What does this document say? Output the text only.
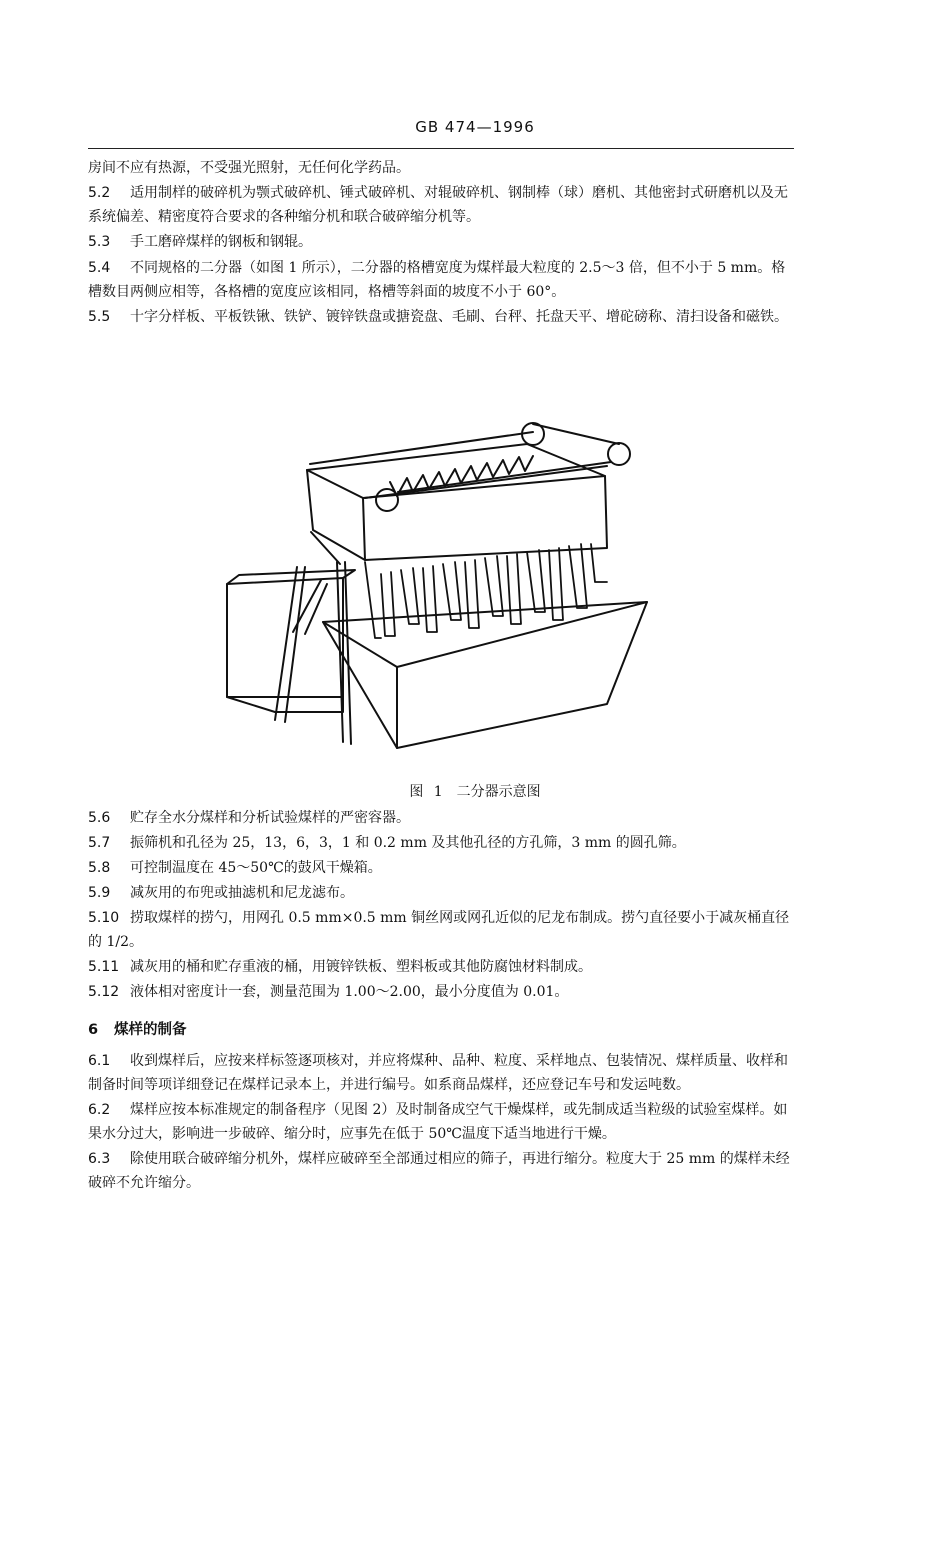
GB 474—1996

房间不应有热源，不受强光照射，无任何化学药品。

5.2 适用制样的破碎机为颚式破碎机、锤式破碎机、对辊破碎机、钢制棒（球）磨机、其他密封式研磨机以及无系统偏差、精密度符合要求的各种缩分机和联合破碎缩分机等。

5.3 手工磨碎煤样的钢板和钢辊。

5.4 不同规格的二分器（如图 1 所示），二分器的格槽宽度为煤样最大粒度的 2.5～3 倍，但不小于 5 mm。格槽数目两侧应相等，各格槽的宽度应该相同，格槽等斜面的坡度不小于 60°。

5.5 十字分样板、平板铁锹、铁铲、镀锌铁盘或搪瓷盘、毛刷、台秤、托盘天平、增砣磅称、清扫设备和磁铁。

图 1　二分器示意图

5.6 贮存全水分煤样和分析试验煤样的严密容器。

5.7 振筛机和孔径为 25，13，6，3，1 和 0.2 mm 及其他孔径的方孔筛，3 mm 的圆孔筛。

5.8 可控制温度在 45～50℃的鼓风干燥箱。

5.9 减灰用的布兜或抽滤机和尼龙滤布。

5.10 捞取煤样的捞勺，用网孔 0.5 mm×0.5 mm 铜丝网或网孔近似的尼龙布制成。捞勺直径要小于减灰桶直径的 1/2。

5.11 减灰用的桶和贮存重液的桶，用镀锌铁板、塑料板或其他防腐蚀材料制成。

5.12 液体相对密度计一套，测量范围为 1.00～2.00，最小分度值为 0.01。

6 煤样的制备

6.1 收到煤样后，应按来样标签逐项核对，并应将煤种、品种、粒度、采样地点、包装情况、煤样质量、收样和制备时间等项详细登记在煤样记录本上，并进行编号。如系商品煤样，还应登记车号和发运吨数。

6.2 煤样应按本标准规定的制备程序（见图 2）及时制备成空气干燥煤样，或先制成适当粒级的试验室煤样。如果水分过大，影响进一步破碎、缩分时，应事先在低于 50℃温度下适当地进行干燥。

6.3 除使用联合破碎缩分机外，煤样应破碎至全部通过相应的筛子，再进行缩分。粒度大于 25 mm 的煤样未经破碎不允许缩分。
